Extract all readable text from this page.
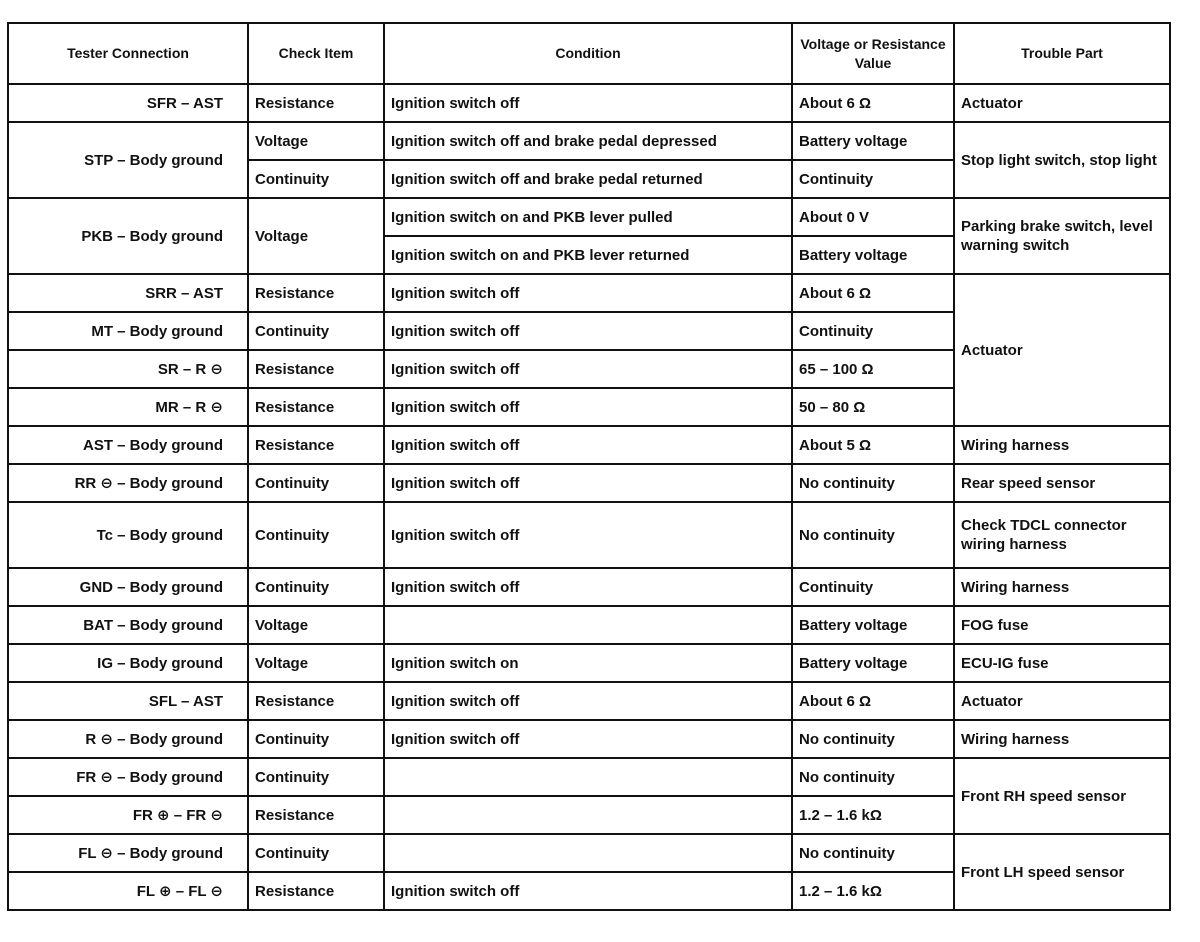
Tester Connection	Check Item	Condition	Voltage or Resistance Value	Trouble Part
SFR – AST	Resistance	Ignition switch off	About 6 Ω	Actuator
STP – Body ground	Voltage	Ignition switch off and brake pedal depressed	Battery voltage	Stop light switch, stop light
	Continuity	Ignition switch off and brake pedal returned	Continuity	
PKB – Body ground	Voltage	Ignition switch on and PKB lever pulled	About 0 V	Parking brake switch, level warning switch
		Ignition switch on and PKB lever returned	Battery voltage	
SRR – AST	Resistance	Ignition switch off	About 6 Ω	Actuator
MT – Body ground	Continuity	Ignition switch off	Continuity	
SR – R ⊖	Resistance	Ignition switch off	65 – 100 Ω	
MR – R ⊖	Resistance	Ignition switch off	50 – 80 Ω	
AST – Body ground	Resistance	Ignition switch off	About 5 Ω	Wiring harness
RR ⊖ – Body ground	Continuity	Ignition switch off	No continuity	Rear speed sensor
Tc – Body ground	Continuity	Ignition switch off	No continuity	Check TDCL connector wiring harness
GND – Body ground	Continuity	Ignition switch off	Continuity	Wiring harness
BAT – Body ground	Voltage		Battery voltage	FOG fuse
IG – Body ground	Voltage	Ignition switch on	Battery voltage	ECU-IG fuse
SFL – AST	Resistance	Ignition switch off	About 6 Ω	Actuator
R ⊖ – Body ground	Continuity	Ignition switch off	No continuity	Wiring harness
FR ⊖ – Body ground	Continuity		No continuity	Front RH speed sensor
FR ⊕ – FR ⊖	Resistance		1.2 – 1.6 kΩ	
FL ⊖ – Body ground	Continuity		No continuity	Front LH speed sensor
FL ⊕ – FL ⊖	Resistance	Ignition switch off	1.2 – 1.6 kΩ	
